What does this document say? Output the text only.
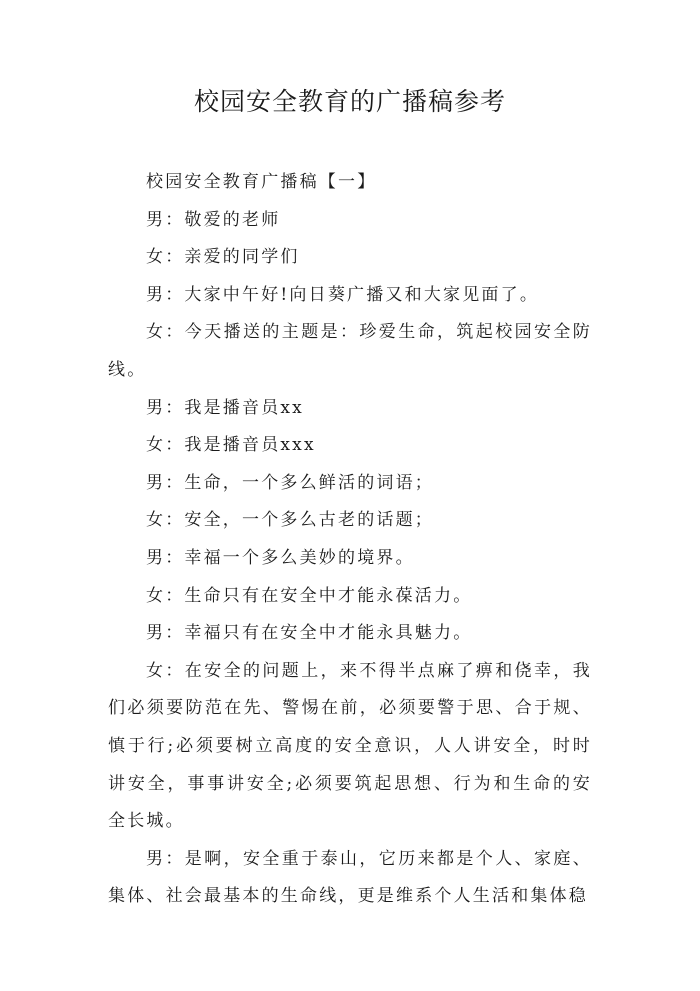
校园安全教育的广播稿参考

校园安全教育广播稿【一】

男：敬爱的老师

女：亲爱的同学们

男：大家中午好!向日葵广播又和大家见面了。

女：今天播送的主题是：珍爱生命，筑起校园安全防线。

男：我是播音员xx

女：我是播音员xxx

男：生命，一个多么鲜活的词语；

女：安全，一个多么古老的话题；

男：幸福一个多么美妙的境界。

女：生命只有在安全中才能永葆活力。

男：幸福只有在安全中才能永具魅力。

女：在安全的问题上，来不得半点麻了痹和侥幸，我们必须要防范在先、警惕在前，必须要警于思、合于规、慎于行;必须要树立高度的安全意识，人人讲安全，时时讲安全，事事讲安全;必须要筑起思想、行为和生命的安全长城。

男：是啊，安全重于泰山，它历来都是个人、家庭、集体、社会最基本的生命线，更是维系个人生活和集体稳
